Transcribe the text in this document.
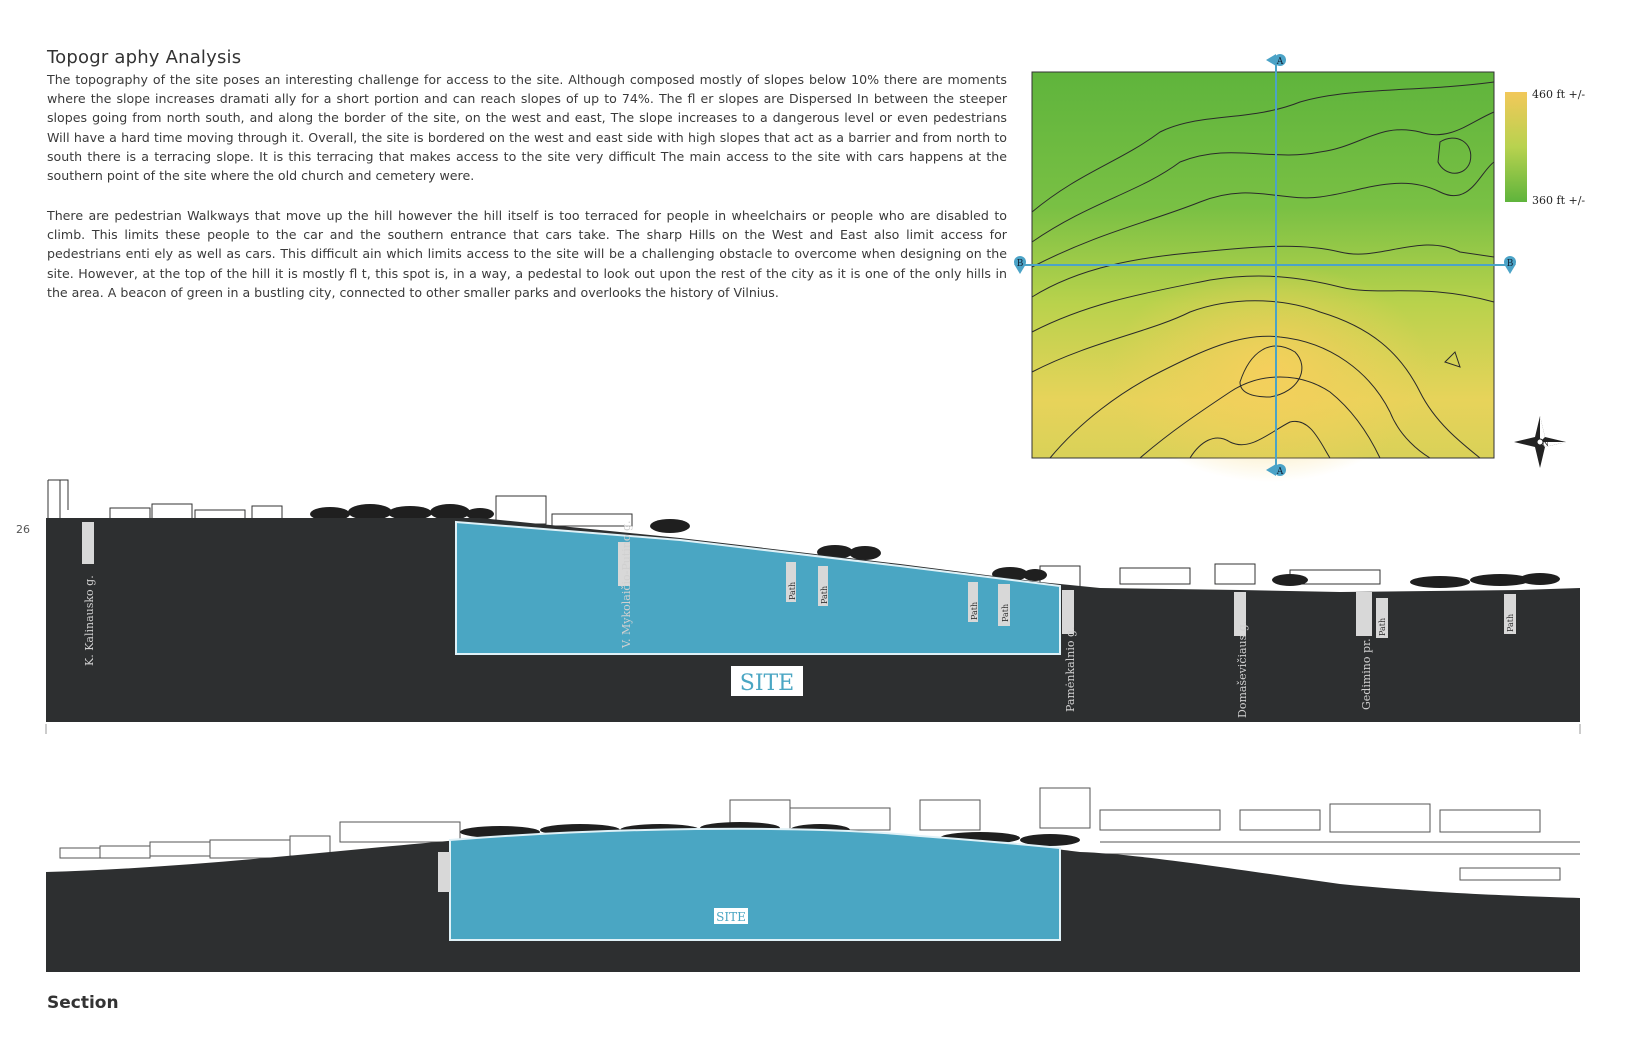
Topogr aphy Analysis

The topography of the site poses an interesting challenge for access to the site. Although composed mostly of slopes below 10% there are moments where the slope increases dramati ally for a short portion and can reach slopes of up to 74%. The fl er slopes are Dispersed In between the steeper slopes going from north south, and along the border of the site, on the west and east, The slope increases to a dangerous level or even pedestrians Will have a hard time moving through it. Overall, the site is bordered on the west and east side with high slopes that act as a barrier and from north to south there is a terracing slope. It is this terracing that makes access to the site very difficult The main access to the site with cars happens at the southern point of the site where the old church and cemetery were.

There are pedestrian Walkways that move up the hill however the hill itself is too terraced for people in wheelchairs or people who are disabled to climb. This limits these people to the car and the southern entrance that cars take. The sharp Hills on the West and East also limit access for pedestrians enti ely as well as cars. This difficult ain which limits access to the site will be a challenging obstacle to overcome when designing on the site. However, at the top of the hill it is mostly fl t, this spot is, in a way, a pedestal to look out upon the rest of the city as it is one of the only hills in the area. A beacon of green in a bustling city, connected to other smaller parks and overlooks the history of Vilnius.

A
A
B	B
460 ft +/-
360 ft +/-
N
26
SITE
K. Kalinausko g.	V. Mykolaičio-Putino g.
Pamėnkalnio g.	Domaševičiaus g.	Gedimino pr.
Path	Path
Path	Path
Path	Path
SITE
Section
